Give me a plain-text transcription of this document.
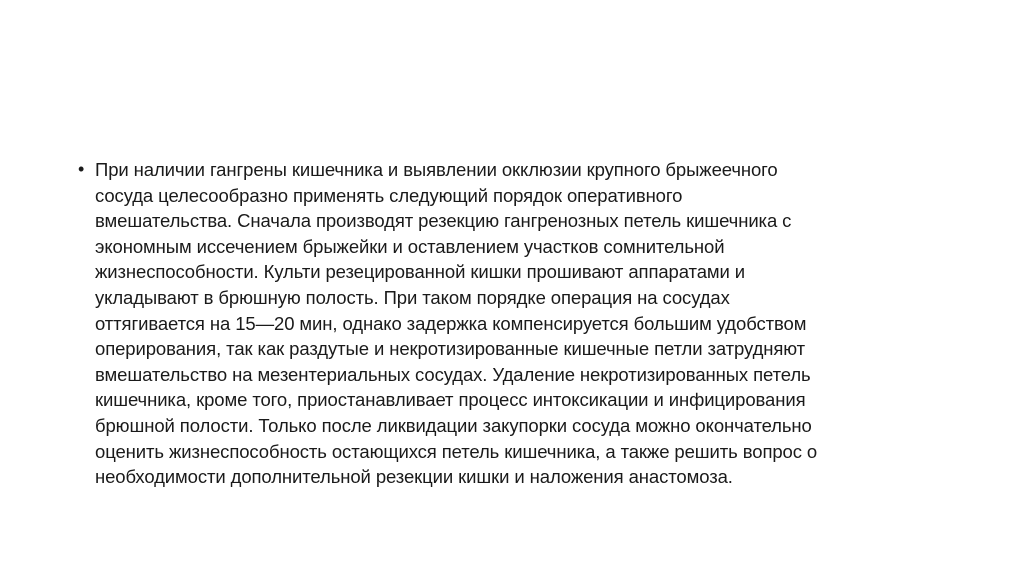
• При наличии гангрены кишечника и выявлении окклюзии крупного брыжеечного
сосуда целесообразно применять следующий порядок оперативного
вмешательства. Сначала производят резекцию гангренозных петель кишечника с
экономным иссечением брыжейки и оставлением участков сомнительной
жизнеспособности. Культи резецированной кишки прошивают аппаратами и
укладывают в брюшную полость. При таком порядке операция на сосудах
оттягивается на 15—20 мин, однако задержка компенсируется большим удобством
оперирования, так как раздутые и некротизированные кишечные петли затрудняют
вмешательство на мезентериальных сосудах. Удаление некротизированных петель
кишечника, кроме того, приостанавливает процесс интоксикации и инфицирования
брюшной полости. Только после ликвидации закупорки сосуда можно окончательно
оценить жизнеспособность остающихся петель кишечника, а также решить вопрос о
необходимости дополнительной резекции кишки и наложения анастомоза.
